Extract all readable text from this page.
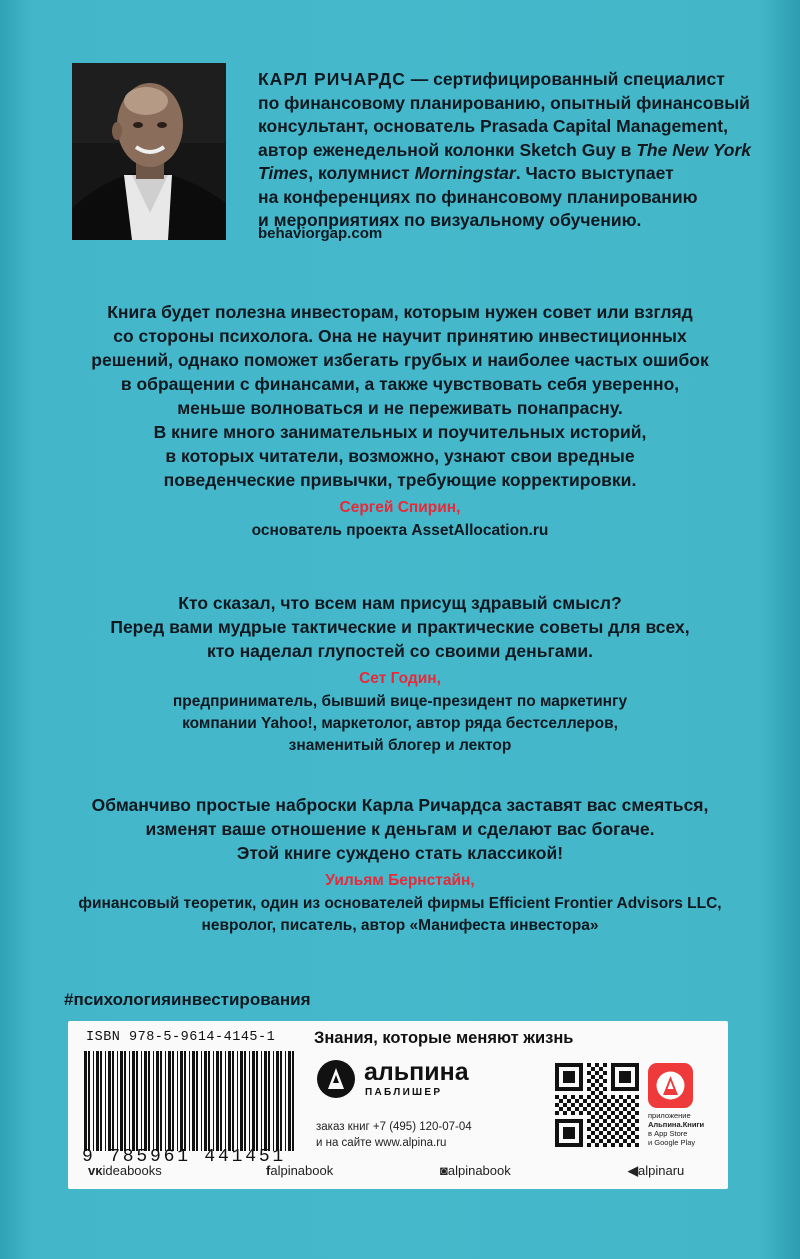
КАРЛ РИЧАРДС — сертифицированный специалист
по финансовому планированию, опытный финансовый
консультант, основатель Prasada Capital Management,
автор еженедельной колонки Sketch Guy в The New York
Times, колумнист Morningstar. Часто выступает
на конференциях по финансовому планированию
и мероприятиях по визуальному обучению.
behaviorgap.com

Книга будет полезна инвесторам, которым нужен совет или взгляд

со стороны психолога. Она не научит принятию инвестиционных

решений, однако поможет избегать грубых и наиболее частых ошибок

в обращении с финансами, а также чувствовать себя уверенно,

меньше волноваться и не переживать понапрасну.

В книге много занимательных и поучительных историй,

в которых читатели, возможно, узнают свои вредные

поведенческие привычки, требующие корректировки.

Сергей Спирин,

основатель проекта AssetAllocation.ru

Кто сказал, что всем нам присущ здравый смысл?

Перед вами мудрые тактические и практические советы для всех,

кто наделал глупостей со своими деньгами.

Сет Годин,

предприниматель, бывший вице-президент по маркетингу

компании Yahoo!, маркетолог, автор ряда бестселлеров,

знаменитый блогер и лектор

Обманчиво простые наброски Карла Ричардса заставят вас смеяться,

изменят ваше отношение к деньгам и сделают вас богаче.

Этой книге суждено стать классикой!

Уильям Бернстайн,

финансовый теоретик, один из основателей фирмы Efficient Frontier Advisors LLC,

невролог, писатель, автор «Манифеста инвестора»

#психологияинвестирования
ISBN 978-5-9614-4145-1
9 785961 441451
Знания, которые меняют жизнь
альпина
ПАБЛИШЕР
заказ книг +7 (495) 120-07-04
и на сайте www.alpina.ru
приложение
Альпина.Книги
в App Store
и Google Play
ᴠᴋideabooks	falpinabook	◙alpinabook	◀alpinaru
